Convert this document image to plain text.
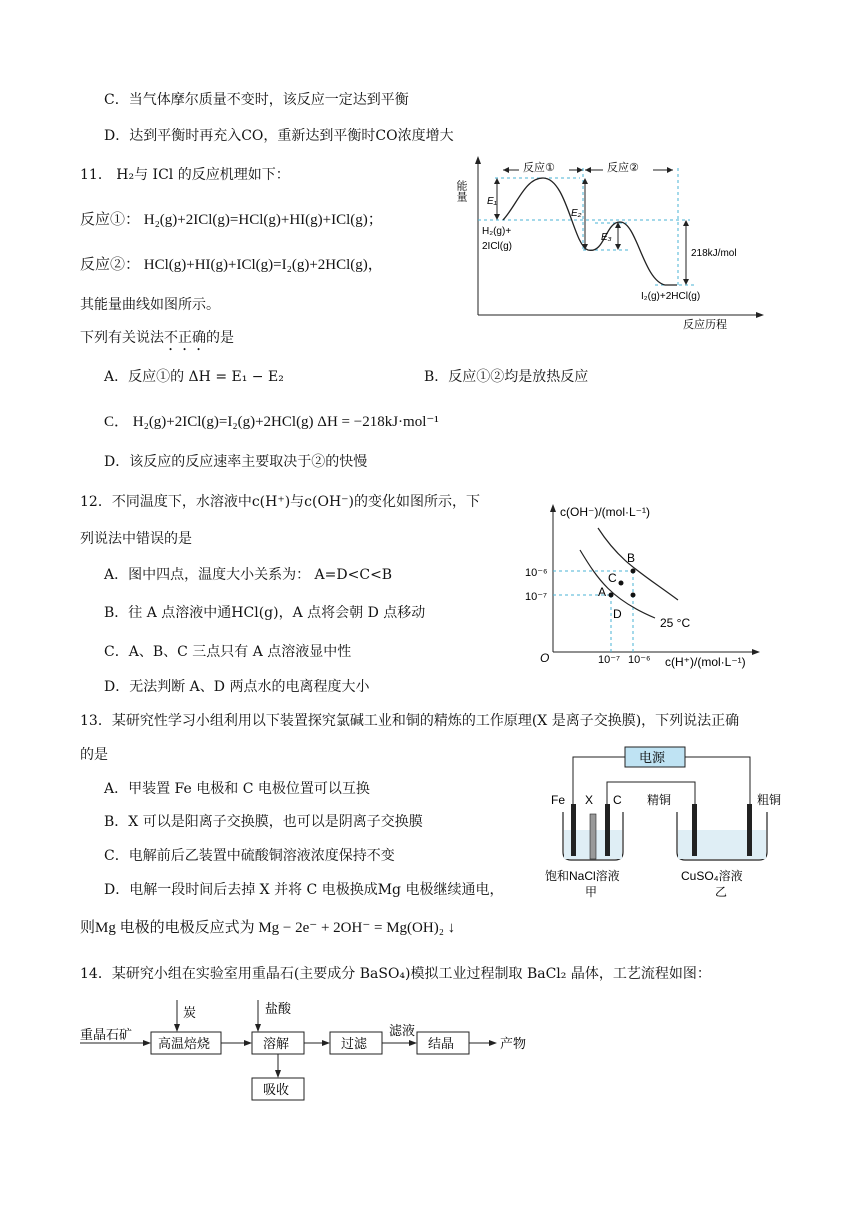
C．当气体摩尔质量不变时，该反应一定达到平衡
D．达到平衡时再充入CO，重新达到平衡时CO浓度增大
11． H₂与 ICl 的反应机理如下：
反应①： H₂(g)+2ICl(g)=HCl(g)+HI(g)+ICl(g)；
反应②： HCl(g)+HI(g)+ICl(g)=I₂(g)+2HCl(g)，
其能量曲线如图所示。
下列有关说法不正确的是
A．反应①的 ΔH = E₁ − E₂	B．反应①②均是放热反应
C． H₂(g)+2ICl(g)=I₂(g)+2HCl(g) ΔH = −218kJ·mol⁻¹
D．该反应的反应速率主要取决于②的快慢
能量
反应历程
反应①	反应②
E₁
E₂
E₃
218kJ/mol
H₂(g)+
2ICl(g)
I₂(g)+2HCl(g)
12．不同温度下，水溶液中c(H⁺)与c(OH⁻)的变化如图所示，下
列说法中错误的是
A．图中四点，温度大小关系为： A=D<C<B
B．往 A 点溶液中通HCl(g)，A 点将会朝 D 点移动
C．A、B、C 三点只有 A 点溶液显中性
D．无法判断 A、D 两点水的电离程度大小
c(OH⁻)/(mol·L⁻¹)
c(H⁺)/(mol·L⁻¹)
O
10⁻⁶
10⁻⁷
10⁻⁷ 10⁻⁶
A
B
C
D
25 °C
13．某研究性学习小组利用以下装置探究氯碱工业和铜的精炼的工作原理(X 是离子交换膜)，下列说法正确
的是
A．甲装置 Fe 电极和 C 电极位置可以互换
B．X 可以是阳离子交换膜，也可以是阴离子交换膜
C．电解前后乙装置中硫酸铜溶液浓度保持不变
D．电解一段时间后去掉 X 并将 C 电极换成Mg 电极继续通电，
则Mg 电极的电极反应式为 Mg − 2e⁻ + 2OH⁻ = Mg(OH)₂ ↓
电源
Fe X C
饱和NaCl溶液
甲
精铜	粗铜
CuSO₄溶液
乙
14．某研究小组在实验室用重晶石(主要成分 BaSO₄)模拟工业过程制取 BaCl₂ 晶体，工艺流程如图：
重晶石矿
高温焙烧
炭
溶解
盐酸
吸收
过滤
滤液
结晶	产物
